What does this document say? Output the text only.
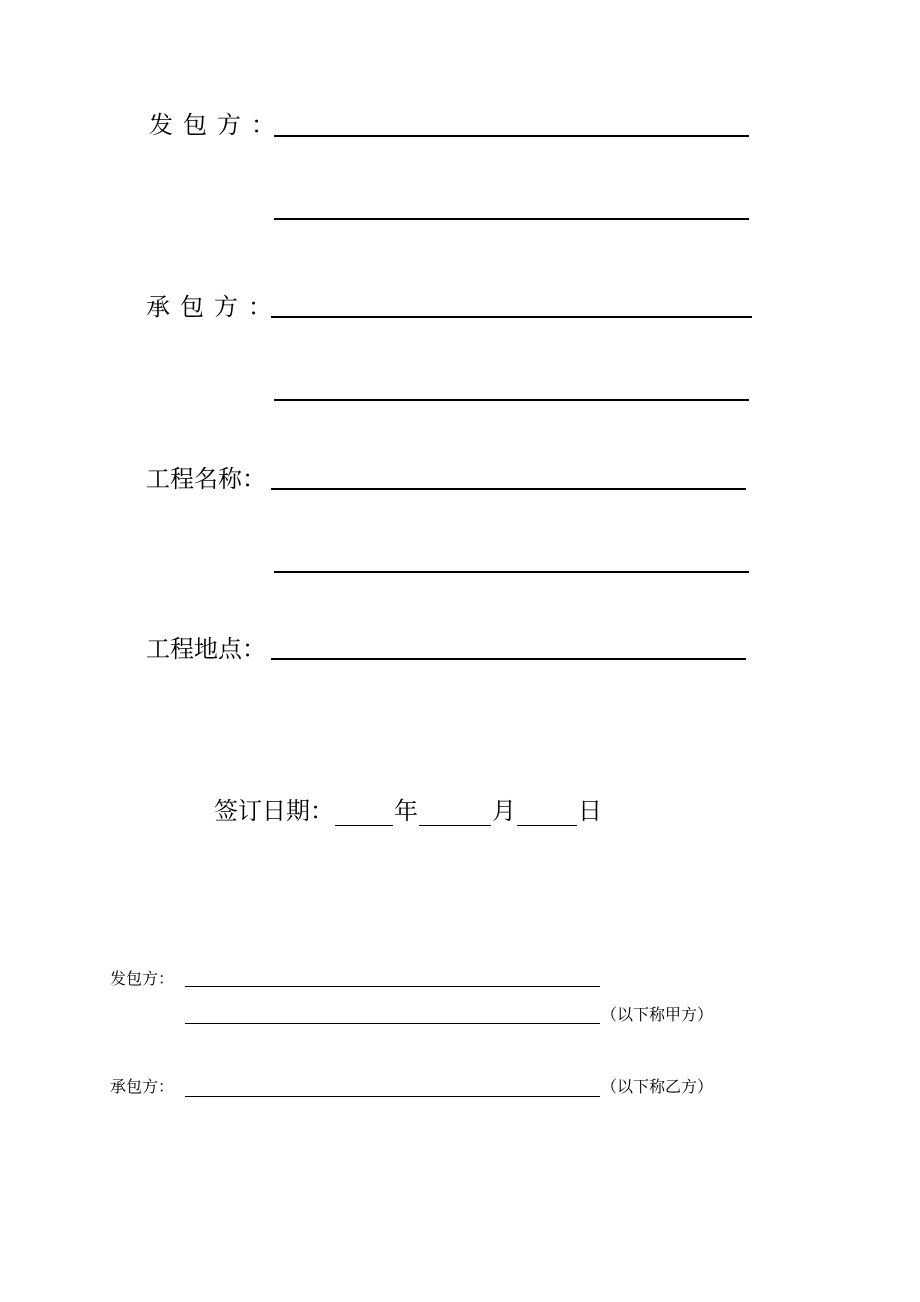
发包方：
承包方：
工程名称：
工程地点：
签订日期：	年	月	日
发包方：
（以下称甲方）
承包方：	（以下称乙方）
